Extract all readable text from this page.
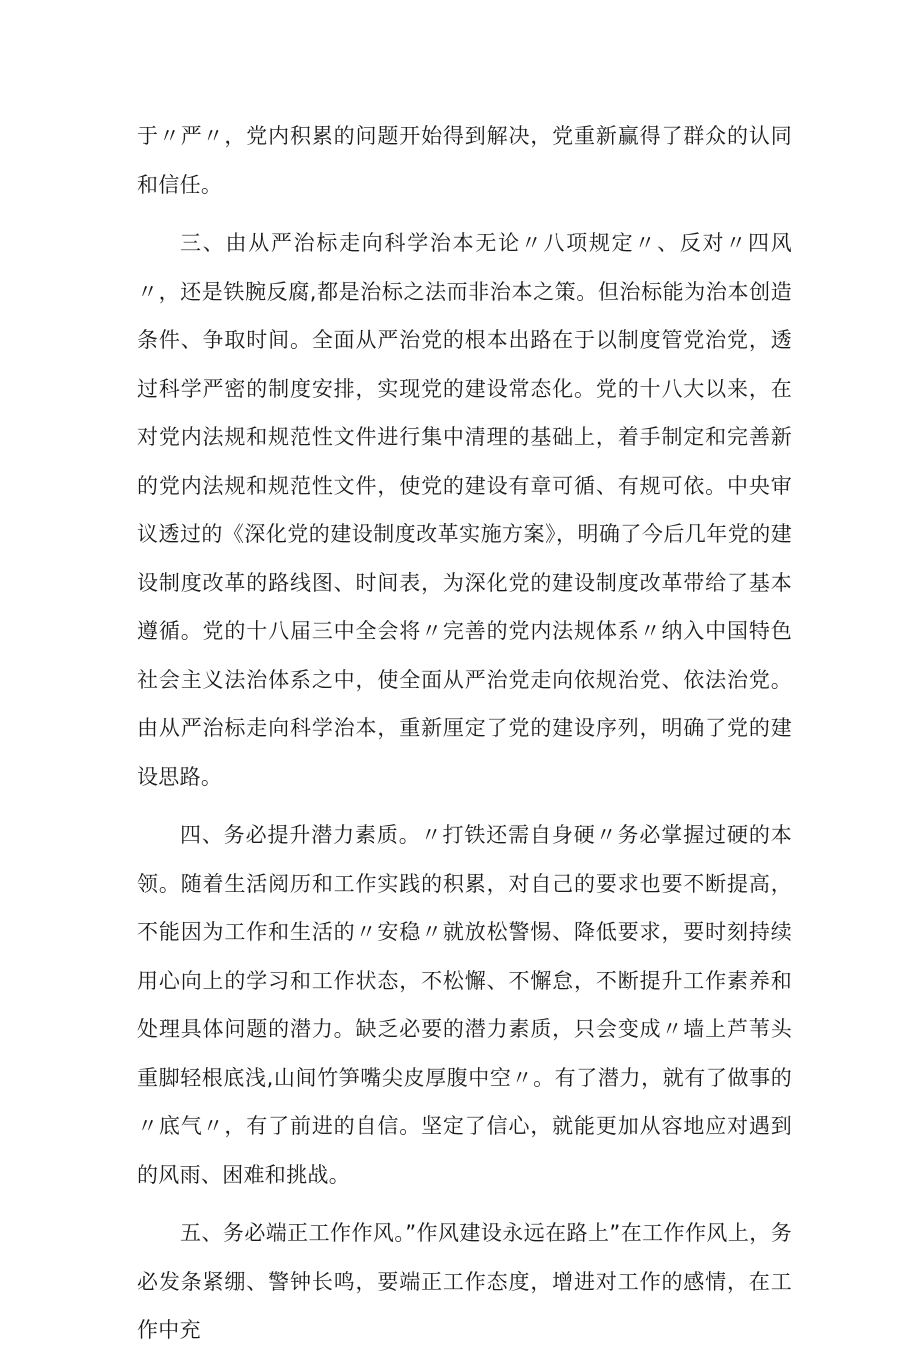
于〃严〃，党内积累的问题开始得到解决，党重新赢得了群众的认同和信任。

三、由从严治标走向科学治本无论〃八项规定〃、反对〃四风〃，还是铁腕反腐,都是治标之法而非治本之策。但治标能为治本创造条件、争取时间。全面从严治党的根本出路在于以制度管党治党，透过科学严密的制度安排，实现党的建设常态化。党的十八大以来，在对党内法规和规范性文件进行集中清理的基础上，着手制定和完善新的党内法规和规范性文件，使党的建设有章可循、有规可依。中央审议透过的《深化党的建设制度改革实施方案》，明确了今后几年党的建设制度改革的路线图、时间表，为深化党的建设制度改革带给了基本遵循。党的十八届三中全会将〃完善的党内法规体系〃纳入中国特色社会主义法治体系之中，使全面从严治党走向依规治党、依法治党。由从严治标走向科学治本，重新厘定了党的建设序列，明确了党的建设思路。

四、务必提升潜力素质。〃打铁还需自身硬〃务必掌握过硬的本领。随着生活阅历和工作实践的积累，对自己的要求也要不断提高，不能因为工作和生活的〃安稳〃就放松警惕、降低要求，要时刻持续用心向上的学习和工作状态，不松懈、不懈怠，不断提升工作素养和处理具体问题的潜力。缺乏必要的潜力素质，只会变成〃墙上芦苇头重脚轻根底浅,山间竹笋嘴尖皮厚腹中空〃。有了潜力，就有了做事的〃底气〃，有了前进的自信。坚定了信心，就能更加从容地应对遇到的风雨、困难和挑战。

五、务必端正工作作风。”作风建设永远在路上”在工作作风上，务必发条紧绷、警钟长鸣，要端正工作态度，增进对工作的感情，在工作中充
